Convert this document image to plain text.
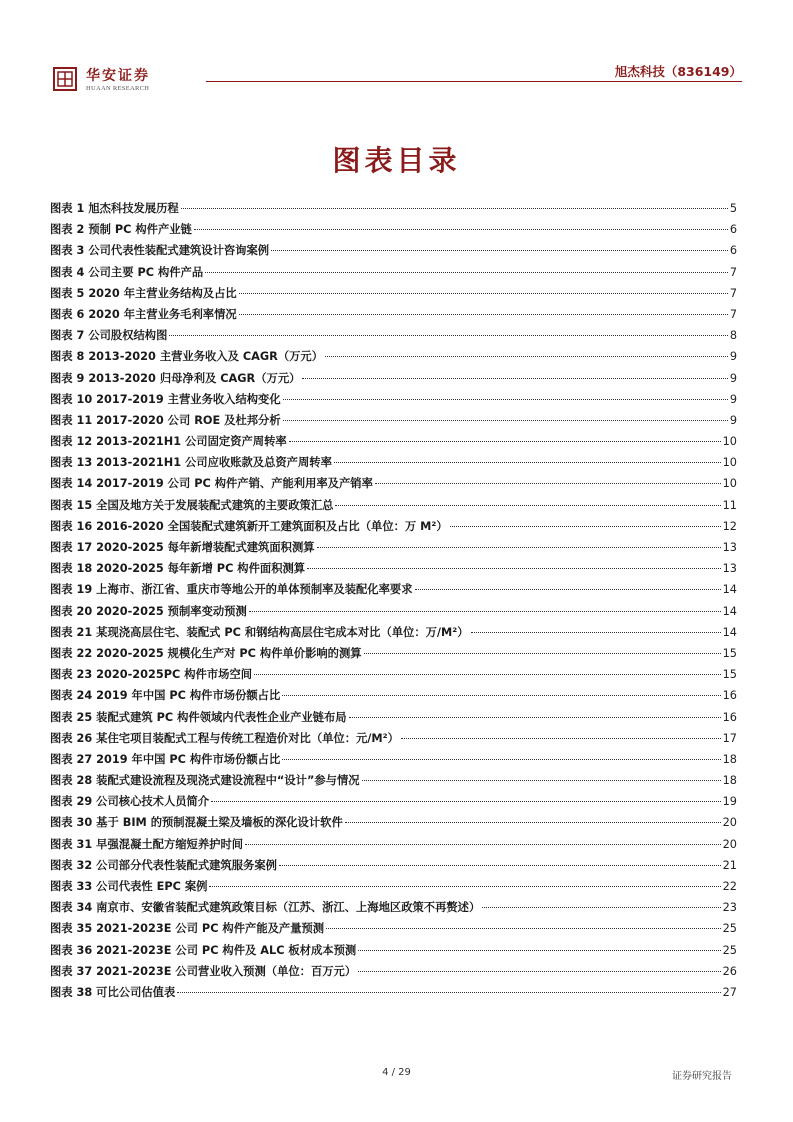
华安证券
HUAAN RESEARCH
旭杰科技（836149）
图表目录
图表 1 旭杰科技发展历程	5
图表 2 预制 PC 构件产业链	6
图表 3 公司代表性装配式建筑设计咨询案例	6
图表 4 公司主要 PC 构件产品	7
图表 5 2020 年主营业务结构及占比	7
图表 6 2020 年主营业务毛利率情况	7
图表 7 公司股权结构图	8
图表 8 2013-2020 主营业务收入及 CAGR（万元）	9
图表 9 2013-2020 归母净利及 CAGR（万元）	9
图表 10 2017-2019 主营业务收入结构变化	9
图表 11 2017-2020 公司 ROE 及杜邦分析	9
图表 12 2013-2021H1 公司固定资产周转率	10
图表 13 2013-2021H1 公司应收账款及总资产周转率	10
图表 14 2017-2019 公司 PC 构件产销、产能利用率及产销率	10
图表 15 全国及地方关于发展装配式建筑的主要政策汇总	11
图表 16 2016-2020 全国装配式建筑新开工建筑面积及占比（单位：万 M²）	12
图表 17 2020-2025 每年新增装配式建筑面积测算	13
图表 18 2020-2025 每年新增 PC 构件面积测算	13
图表 19 上海市、浙江省、重庆市等地公开的单体预制率及装配化率要求	14
图表 20 2020-2025 预制率变动预测	14
图表 21 某现浇高层住宅、装配式 PC 和钢结构高层住宅成本对比（单位：万/M²）	14
图表 22 2020-2025 规模化生产对 PC 构件单价影响的测算	15
图表 23 2020-2025PC 构件市场空间	15
图表 24 2019 年中国 PC 构件市场份额占比	16
图表 25 装配式建筑 PC 构件领域内代表性企业产业链布局	16
图表 26 某住宅项目装配式工程与传统工程造价对比（单位：元/M²）	17
图表 27 2019 年中国 PC 构件市场份额占比	18
图表 28 装配式建设流程及现浇式建设流程中“设计”参与情况	18
图表 29 公司核心技术人员简介	19
图表 30 基于 BIM 的预制混凝土梁及墙板的深化设计软件	20
图表 31 早强混凝土配方缩短养护时间	20
图表 32 公司部分代表性装配式建筑服务案例	21
图表 33 公司代表性 EPC 案例	22
图表 34 南京市、安徽省装配式建筑政策目标（江苏、浙江、上海地区政策不再赘述）	23
图表 35 2021-2023E 公司 PC 构件产能及产量预测	25
图表 36 2021-2023E 公司 PC 构件及 ALC 板材成本预测	25
图表 37 2021-2023E 公司营业收入预测（单位：百万元）	26
图表 38 可比公司估值表	27
4 / 29	证券研究报告
